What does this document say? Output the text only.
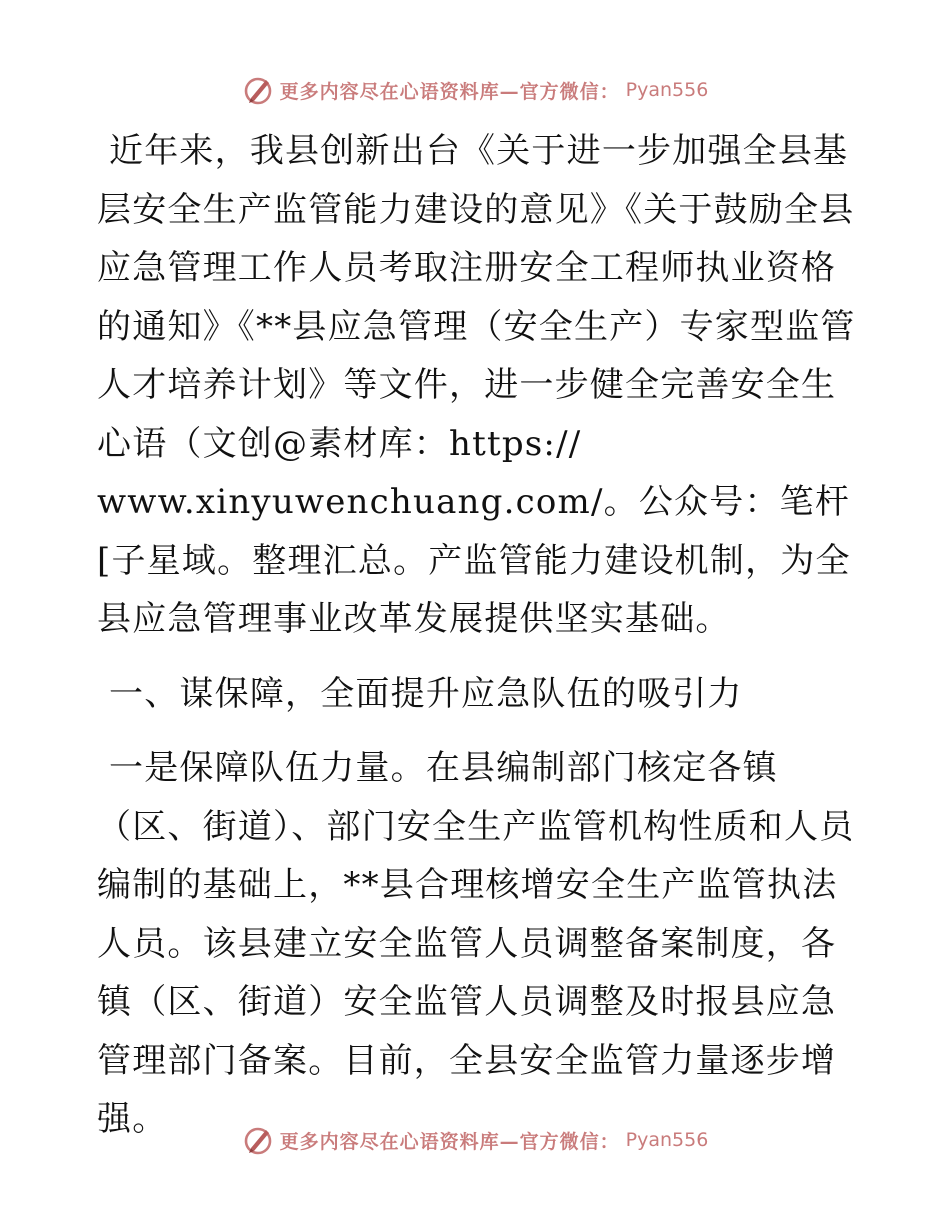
更多内容尽在心语资料库—官方微信： Pyan556

近年来，我县创新出台《关于进一步加强全县基层安全生产监管能力建设的意见》《关于鼓励全县应急管理工作人员考取注册安全工程师执业资格的通知》《**县应急管理（安全生产）专家型监管人才培养计划》等文件，进一步健全完善安全生心语（文创@素材库：https://
www.xinyuwenchuang.com/。公众号：笔杆[子星域。整理汇总。产监管能力建设机制，为全县应急管理事业改革发展提供坚实基础。

一、谋保障，全面提升应急队伍的吸引力

一是保障队伍力量。在县编制部门核定各镇（区、街道）、部门安全生产监管机构性质和人员编制的基础上，**县合理核增安全生产监管执法人员。该县建立安全监管人员调整备案制度，各镇（区、街道）安全监管人员调整及时报县应急管理部门备案。目前，全县安全监管力量逐步增强。

更多内容尽在心语资料库—官方微信： Pyan556
